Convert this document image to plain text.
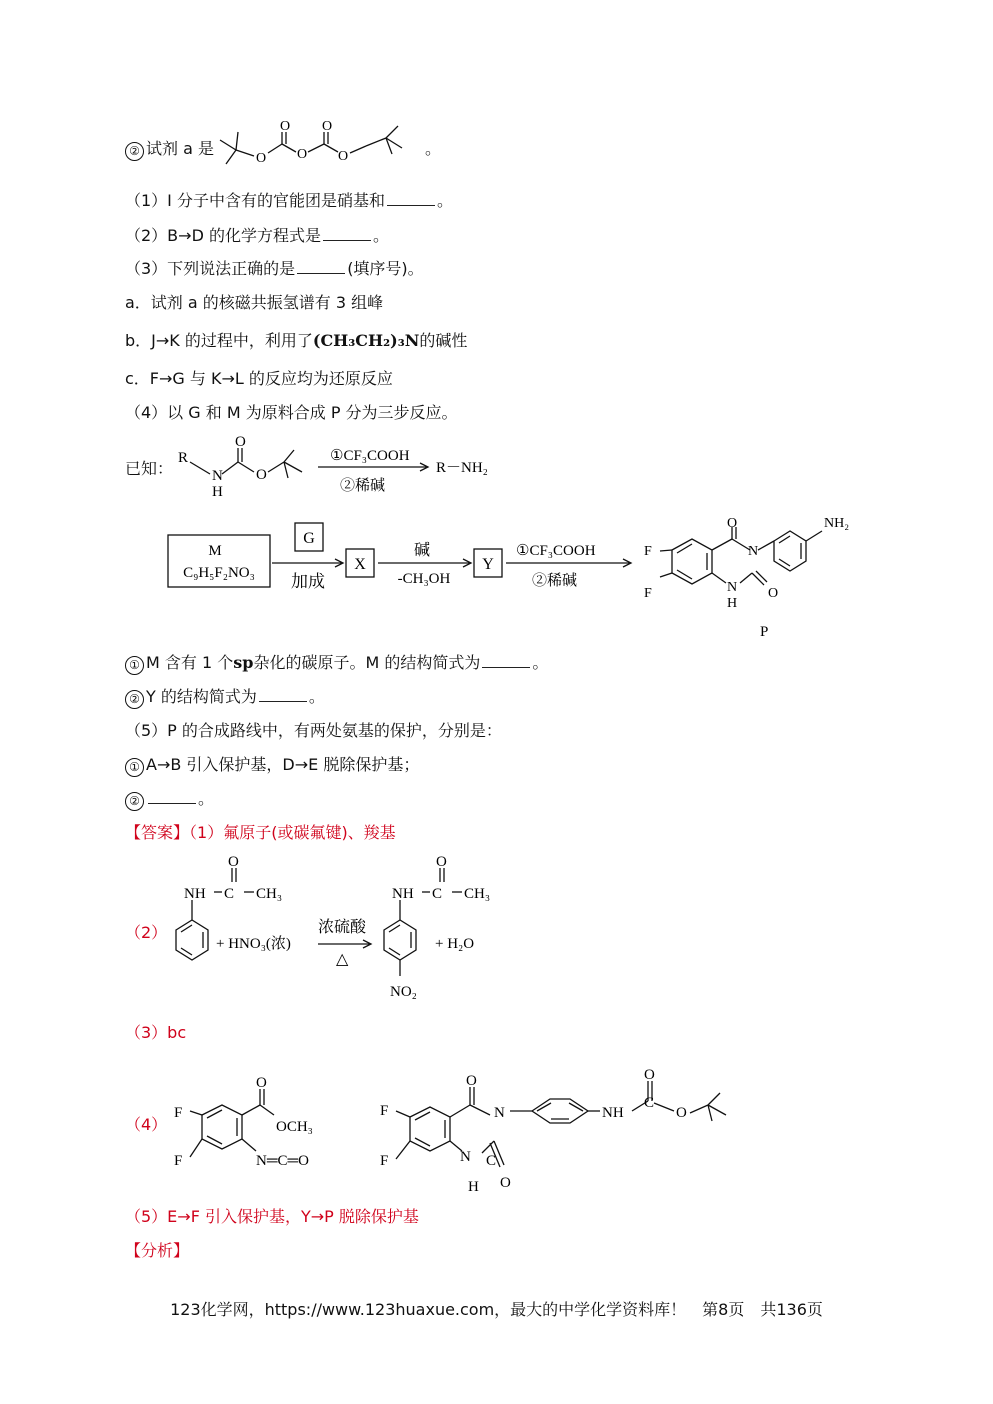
② 试剂 a 是
O
O
O
O
O	。
（1）I 分子中含有的官能团是硝基和	。
（2）B→D 的化学方程式是	。
（3）下列说法正确的是	(填序号)。
a．试剂 a 的核磁共振氢谱有 3 组峰
b．J→K 的过程中，利用了(CH₃CH₂)₃N的碱性
c．F→G 与 K→L 的反应均为还原反应
（4）以 G 和 M 为原料合成 P 分为三步反应。
已知：
R
N
H
O
O
①CF₃COOH
②稀碱
R－NH₂
M
C₉H₅F₂NO₃
G
加成
X
碱
-CH₃OH
Y
①CF₃COOH
②稀碱
F
F
O
N
N
H
O
NH₂
P
① M 含有 1 个sp杂化的碳原子。M 的结构简式为	。
② Y 的结构简式为	。
（5）P 的合成路线中，有两处氨基的保护，分别是：
① A→B 引入保护基，D→E 脱除保护基；
②	。
【答案】（1）氟原子(或碳氟键)、羧基
（2）
NH C
O
CH₃
+ HNO₃(浓)
浓硫酸
△
NH C
O
CH₃
NO₂
+ H₂O
（3）bc
（4）
F
F
O
OCH₃
N═C═O
F
F
O
N
N
H
C
O
NH
C
O
O
（5）E→F 引入保护基，Y→P 脱除保护基
【分析】
123化学网，https://www.123huaxue.com，最大的中学化学资料库！　第8页　共136页
